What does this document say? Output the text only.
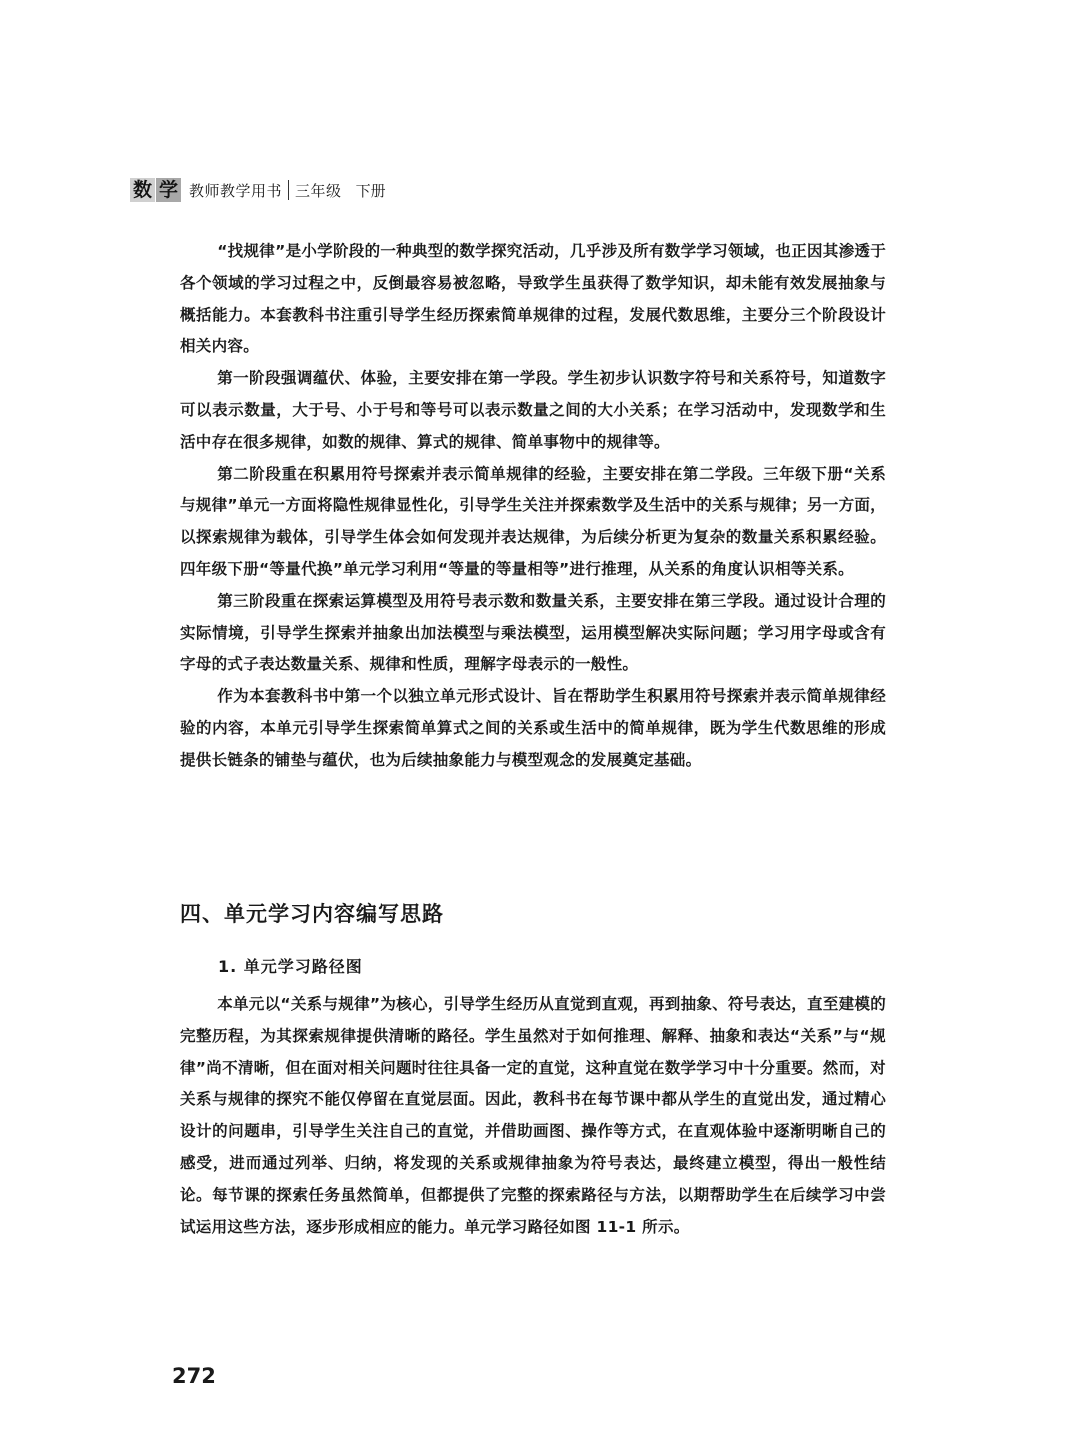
数 学 教师教学用书 三年级 下册

“找规律”是小学阶段的一种典型的数学探究活动，几乎涉及所有数学学习领域，也正因其渗透于各个领域的学习过程之中，反倒最容易被忽略，导致学生虽获得了数学知识，却未能有效发展抽象与概括能力。本套教科书注重引导学生经历探索简单规律的过程，发展代数思维，主要分三个阶段设计相关内容。

第一阶段强调蕴伏、体验，主要安排在第一学段。学生初步认识数字符号和关系符号，知道数字可以表示数量，大于号、小于号和等号可以表示数量之间的大小关系；在学习活动中，发现数学和生活中存在很多规律，如数的规律、算式的规律、简单事物中的规律等。

第二阶段重在积累用符号探索并表示简单规律的经验，主要安排在第二学段。三年级下册“关系与规律”单元一方面将隐性规律显性化，引导学生关注并探索数学及生活中的关系与规律；另一方面，以探索规律为载体，引导学生体会如何发现并表达规律，为后续分析更为复杂的数量关系积累经验。四年级下册“等量代换”单元学习利用“等量的等量相等”进行推理，从关系的角度认识相等关系。

第三阶段重在探索运算模型及用符号表示数和数量关系，主要安排在第三学段。通过设计合理的实际情境，引导学生探索并抽象出加法模型与乘法模型，运用模型解决实际问题；学习用字母或含有字母的式子表达数量关系、规律和性质，理解字母表示的一般性。

作为本套教科书中第一个以独立单元形式设计、旨在帮助学生积累用符号探索并表示简单规律经验的内容，本单元引导学生探索简单算式之间的关系或生活中的简单规律，既为学生代数思维的形成提供长链条的铺垫与蕴伏，也为后续抽象能力与模型观念的发展奠定基础。

四、单元学习内容编写思路
1. 单元学习路径图

本单元以“关系与规律”为核心，引导学生经历从直觉到直观，再到抽象、符号表达，直至建模的完整历程，为其探索规律提供清晰的路径。学生虽然对于如何推理、解释、抽象和表达“关系”与“规律”尚不清晰，但在面对相关问题时往往具备一定的直觉，这种直觉在数学学习中十分重要。然而，对关系与规律的探究不能仅停留在直觉层面。因此，教科书在每节课中都从学生的直觉出发，通过精心设计的问题串，引导学生关注自己的直觉，并借助画图、操作等方式，在直观体验中逐渐明晰自己的感受，进而通过列举、归纳，将发现的关系或规律抽象为符号表达，最终建立模型，得出一般性结论。每节课的探索任务虽然简单，但都提供了完整的探索路径与方法，以期帮助学生在后续学习中尝试运用这些方法，逐步形成相应的能力。单元学习路径如图 11-1 所示。

272
